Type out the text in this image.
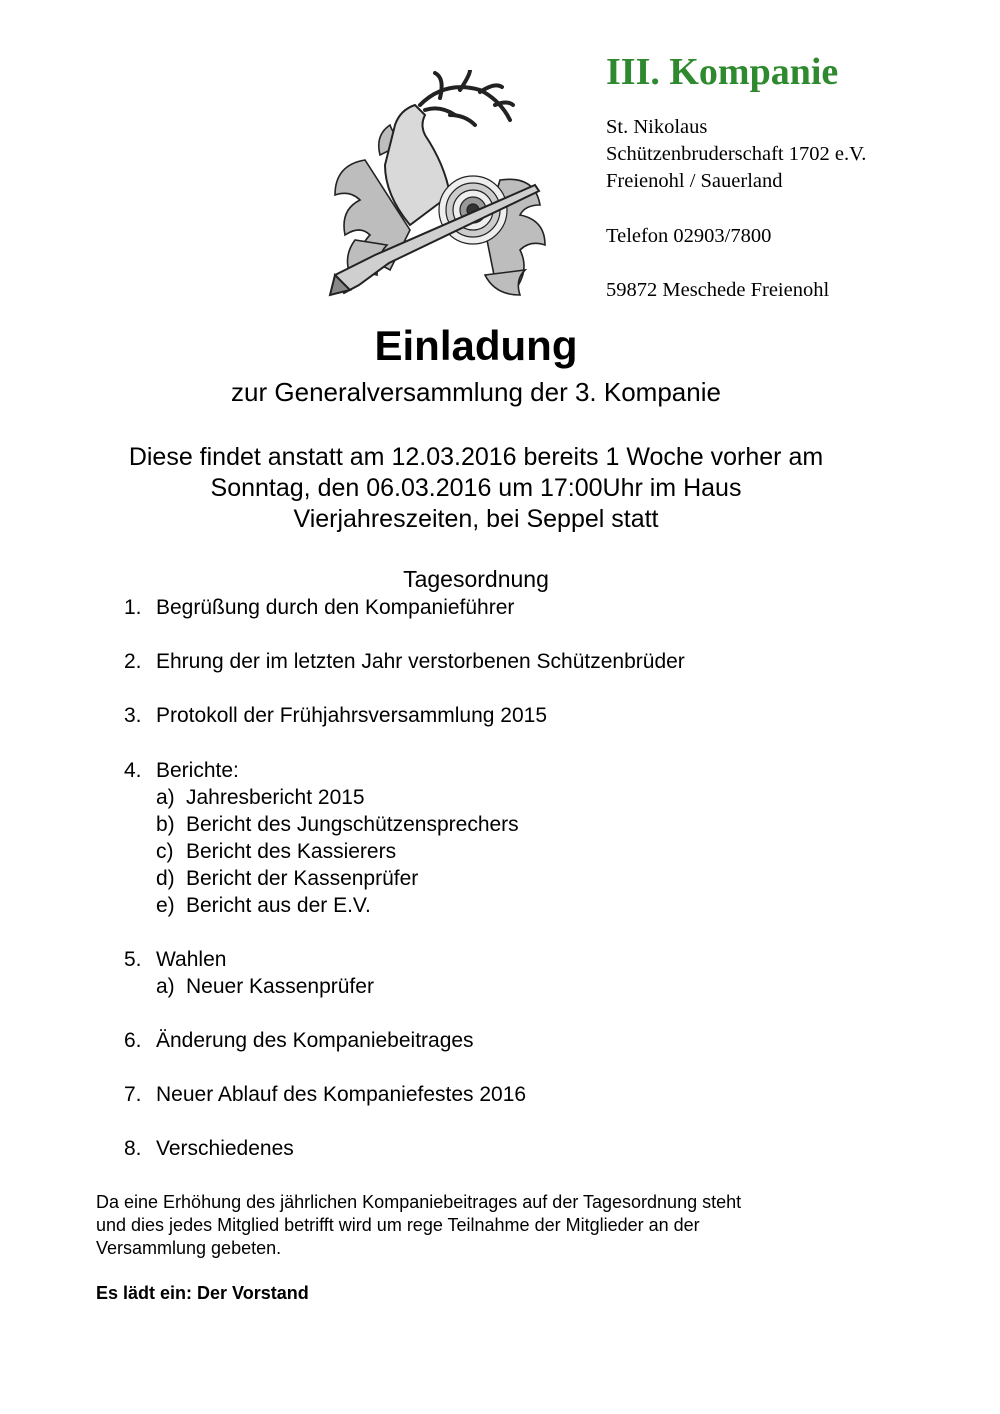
III. Kompanie
St. Nikolaus
Schützenbruderschaft 1702 e.V.
Freienohl / Sauerland
Telefon 02903/7800
59872 Meschede Freienohl
Einladung
zur Generalversammlung der 3. Kompanie
Diese findet anstatt am 12.03.2016 bereits 1 Woche vorher am
Sonntag, den 06.03.2016 um 17:00Uhr im Haus
Vierjahreszeiten, bei Seppel statt
Tagesordnung
1. Begrüßung durch den Kompanieführer
2. Ehrung der im letzten Jahr verstorbenen Schützenbrüder
3. Protokoll der Frühjahrsversammlung 2015
4. Berichte:
a) Jahresbericht 2015
b) Bericht des Jungschützensprechers
c) Bericht des Kassierers
d) Bericht der Kassenprüfer
e) Bericht aus der E.V.
5. Wahlen
a) Neuer Kassenprüfer
6. Änderung des Kompaniebeitrages
7. Neuer Ablauf des Kompaniefestes 2016
8. Verschiedenes
Da eine Erhöhung des jährlichen Kompaniebeitrages auf der Tagesordnung steht
und dies jedes Mitglied betrifft wird um rege Teilnahme der Mitglieder an der
Versammlung gebeten.
Es lädt ein: Der Vorstand
